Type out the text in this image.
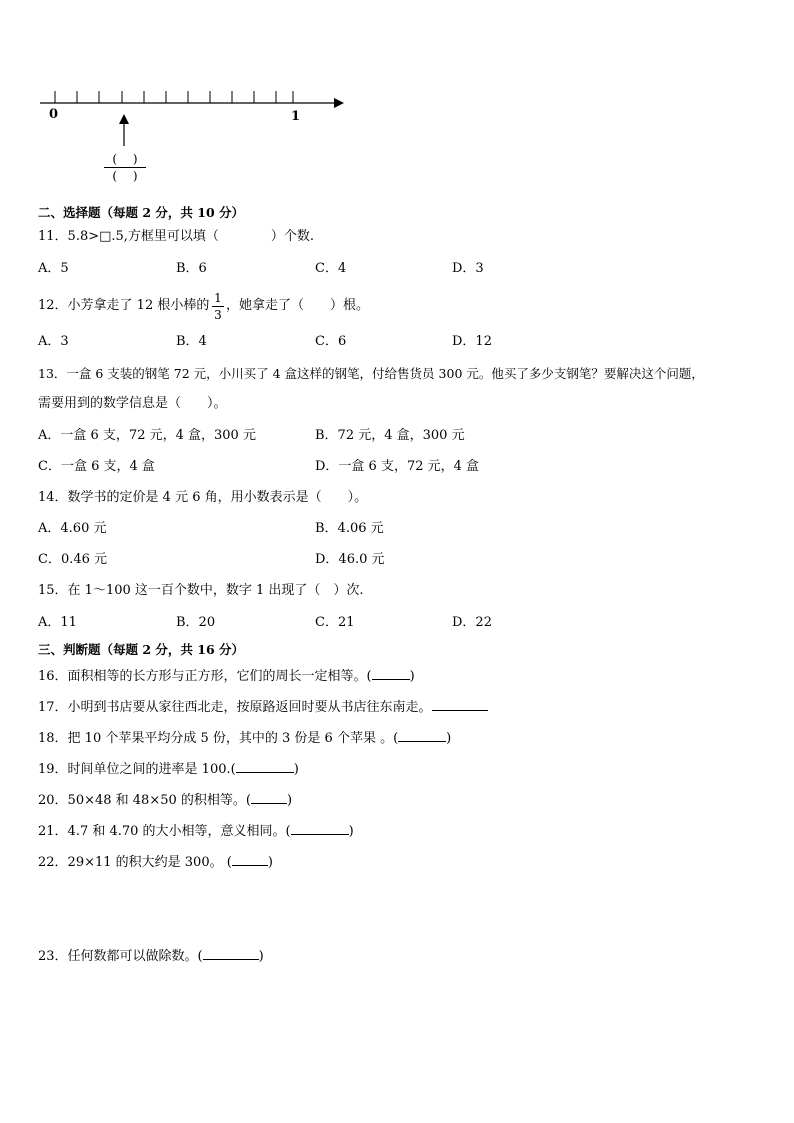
0	1
(　 )
(　 )
二、选择题（每题 2 分，共 10 分）
11．5.8>□.5,方框里可以填（　　　　）个数.
A．5	B．6	C．4	D．3
12．小芳拿走了 12 根小棒的 1
3
，她拿走了（　　）根。
A．3	B．4	C．6	D．12
13．一盒 6 支装的钢笔 72 元，小川买了 4 盒这样的钢笔，付给售货员 300 元。他买了多少支钢笔？要解决这个问题，
需要用到的数学信息是（　　）。
A．一盒 6 支，72 元，4 盒，300 元	B．72 元，4 盒，300 元
C．一盒 6 支，4 盒	D．一盒 6 支，72 元，4 盒
14．数学书的定价是 4 元 6 角，用小数表示是（　　）。
A．4.60 元	B．4.06 元
C．0.46 元	D．46.0 元
15．在 1～100 这一百个数中，数字 1 出现了（　）次.
A．11	B．20	C．21	D．22
三、判断题（每题 2 分，共 16 分）
16．面积相等的长方形与正方形，它们的周长一定相等。(	)
17．小明到书店要从家往西北走，按原路返回时要从书店往东南走。
18．把 10 个苹果平均分成 5 份，其中的 3 份是 6 个苹果 。(	)
19．时间单位之间的进率是 100.(	)
20．50×48 和 48×50 的积相等。(	)
21．4.7 和 4.70 的大小相等，意义相同。(	)
22．29×11 的积大约是 300。 (	)
23．任何数都可以做除数。(	)
